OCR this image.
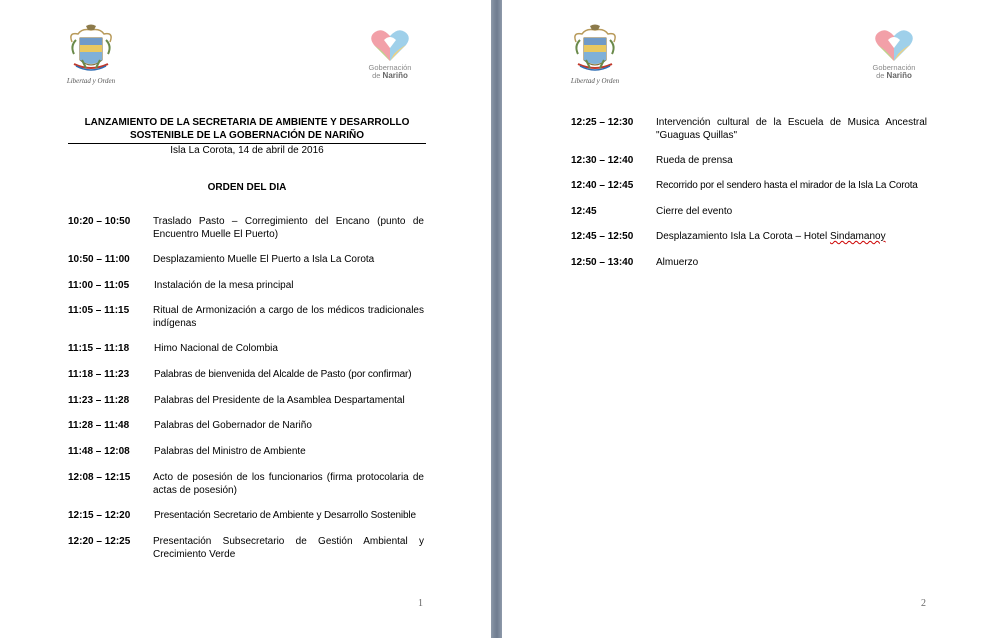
Libertad y Orden
Gobernación
de Nariño
LANZAMIENTO DE LA SECRETARIA DE AMBIENTE Y DESARROLLO
SOSTENIBLE DE LA GOBERNACIÓN DE NARIÑO
Isla La Corota, 14 de abril de 2016
ORDEN DEL DIA
10:20 – 10:50 Traslado Pasto – Corregimiento del Encano (punto de Encuentro Muelle El Puerto)
10:50 – 11:00 Desplazamiento Muelle El Puerto a Isla La Corota
11:00 – 11:05 Instalación de la mesa principal
11:05 – 11:15 Ritual de Armonización a cargo de los médicos tradicionales indígenas
11:15 – 11:18 Himo Nacional de Colombia
11:18 – 11:23 Palabras de bienvenida del Alcalde de Pasto (por confirmar)
11:23 – 11:28 Palabras del Presidente de la Asamblea Despartamental
11:28 – 11:48 Palabras del Gobernador de Nariño
11:48 – 12:08 Palabras del Ministro de Ambiente
12:08 – 12:15 Acto de posesión de los funcionarios (firma protocolaria de actas de posesión)
12:15 – 12:20 Presentación Secretario de Ambiente y Desarrollo Sostenible
12:20 – 12:25 Presentación Subsecretario de Gestión Ambiental y Crecimiento Verde
1
Libertad y Orden
Gobernación
de Nariño
12:25 – 12:30 Intervención cultural de la Escuela de Musica Ancestral "Guaguas Quillas"
12:30 – 12:40 Rueda de prensa
12:40 – 12:45 Recorrido por el sendero hasta el mirador de la Isla La Corota
12:45	Cierre del evento
12:45 – 12:50 Desplazamiento Isla La Corota – Hotel Sindamanoy
12:50 – 13:40 Almuerzo
2
